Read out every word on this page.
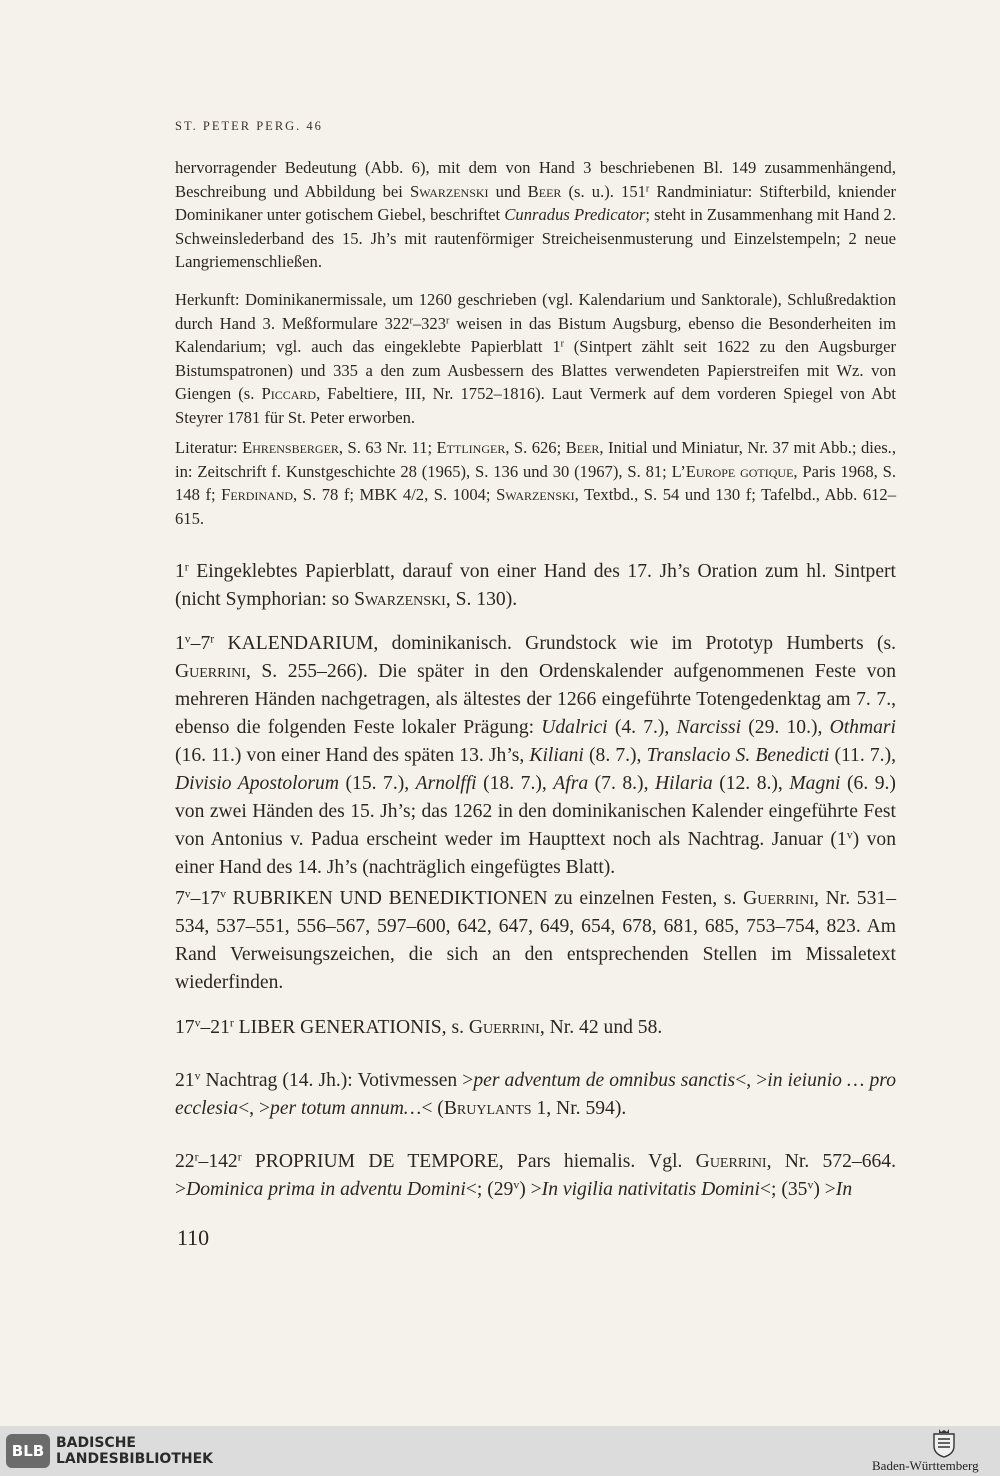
ST. PETER PERG. 46

hervorragender Bedeutung (Abb. 6), mit dem von Hand 3 beschriebenen Bl. 149 zusammenhängend, Beschreibung und Abbildung bei Swarzenski und Beer (s. u.). 151$^r$ Randminiatur: Stifterbild, kniender Dominikaner unter gotischem Giebel, beschriftet Cunradus Predicator; steht in Zusammenhang mit Hand 2. Schweinslederband des 15. Jh’s mit rautenförmiger Streicheisenmusterung und Einzelstempeln; 2 neue Langriemenschließen.

Herkunft: Dominikanermissale, um 1260 geschrieben (vgl. Kalendarium und Sanktorale), Schlußredaktion durch Hand 3. Meßformulare 322$^r$–323$^r$ weisen in das Bistum Augsburg, ebenso die Besonderheiten im Kalendarium; vgl. auch das eingeklebte Papierblatt 1$^r$ (Sintpert zählt seit 1622 zu den Augsburger Bistumspatronen) und 335 a den zum Ausbessern des Blattes verwendeten Papierstreifen mit Wz. von Giengen (s. Piccard, Fabeltiere, III, Nr. 1752–1816). Laut Vermerk auf dem vorderen Spiegel von Abt Steyrer 1781 für St. Peter erworben.

Literatur: Ehrensberger, S. 63 Nr. 11; Ettlinger, S. 626; Beer, Initial und Miniatur, Nr. 37 mit Abb.; dies., in: Zeitschrift f. Kunstgeschichte 28 (1965), S. 136 und 30 (1967), S. 81; L’Europe gotique, Paris 1968, S. 148 f; Ferdinand, S. 78 f; MBK 4/2, S. 1004; Swarzenski, Textbd., S. 54 und 130 f; Tafelbd., Abb. 612–615.

1$^r$ Eingeklebtes Papierblatt, darauf von einer Hand des 17. Jh’s Oration zum hl. Sintpert (nicht Symphorian: so Swarzenski, S. 130).

1$^v$–7$^r$ KALENDARIUM, dominikanisch. Grundstock wie im Prototyp Humberts (s. Guerrini, S. 255–266). Die später in den Ordenskalender aufgenommenen Feste von mehreren Händen nachgetragen, als ältestes der 1266 eingeführte Totengedenktag am 7. 7., ebenso die folgenden Feste lokaler Prägung: Udalrici (4. 7.), Narcissi (29. 10.), Othmari (16. 11.) von einer Hand des späten 13. Jh’s, Kiliani (8. 7.), Translacio S. Benedicti (11. 7.), Divisio Apostolorum (15. 7.), Arnolffi (18. 7.), Afra (7. 8.), Hilaria (12. 8.), Magni (6. 9.) von zwei Händen des 15. Jh’s; das 1262 in den dominikanischen Kalender eingeführte Fest von Antonius v. Padua erscheint weder im Haupttext noch als Nachtrag. Januar (1$^v$) von einer Hand des 14. Jh’s (nachträglich eingefügtes Blatt).

7$^v$–17$^v$ RUBRIKEN UND BENEDIKTIONEN zu einzelnen Festen, s. Guerrini, Nr. 531–534, 537–551, 556–567, 597–600, 642, 647, 649, 654, 678, 681, 685, 753–754, 823. Am Rand Verweisungszeichen, die sich an den entsprechenden Stellen im Missaletext wiederfinden.

17$^v$–21$^r$ LIBER GENERATIONIS, s. Guerrini, Nr. 42 und 58.

21$^v$ Nachtrag (14. Jh.): Votivmessen >per adventum de omnibus sanctis<, >in ieiunio … pro ecclesia<, >per totum annum…< (Bruylants 1, Nr. 594).

22$^r$–142$^r$ PROPRIUM DE TEMPORE, Pars hiemalis. Vgl. Guerrini, Nr. 572–664. >Dominica prima in adventu Domini<; $(29^v) >In$ vigilia nativitatis Domini<; $(35^v) >In$

110
BLB BADISCHE
LANDESBIBLIOTHEK	Baden-Württemberg
